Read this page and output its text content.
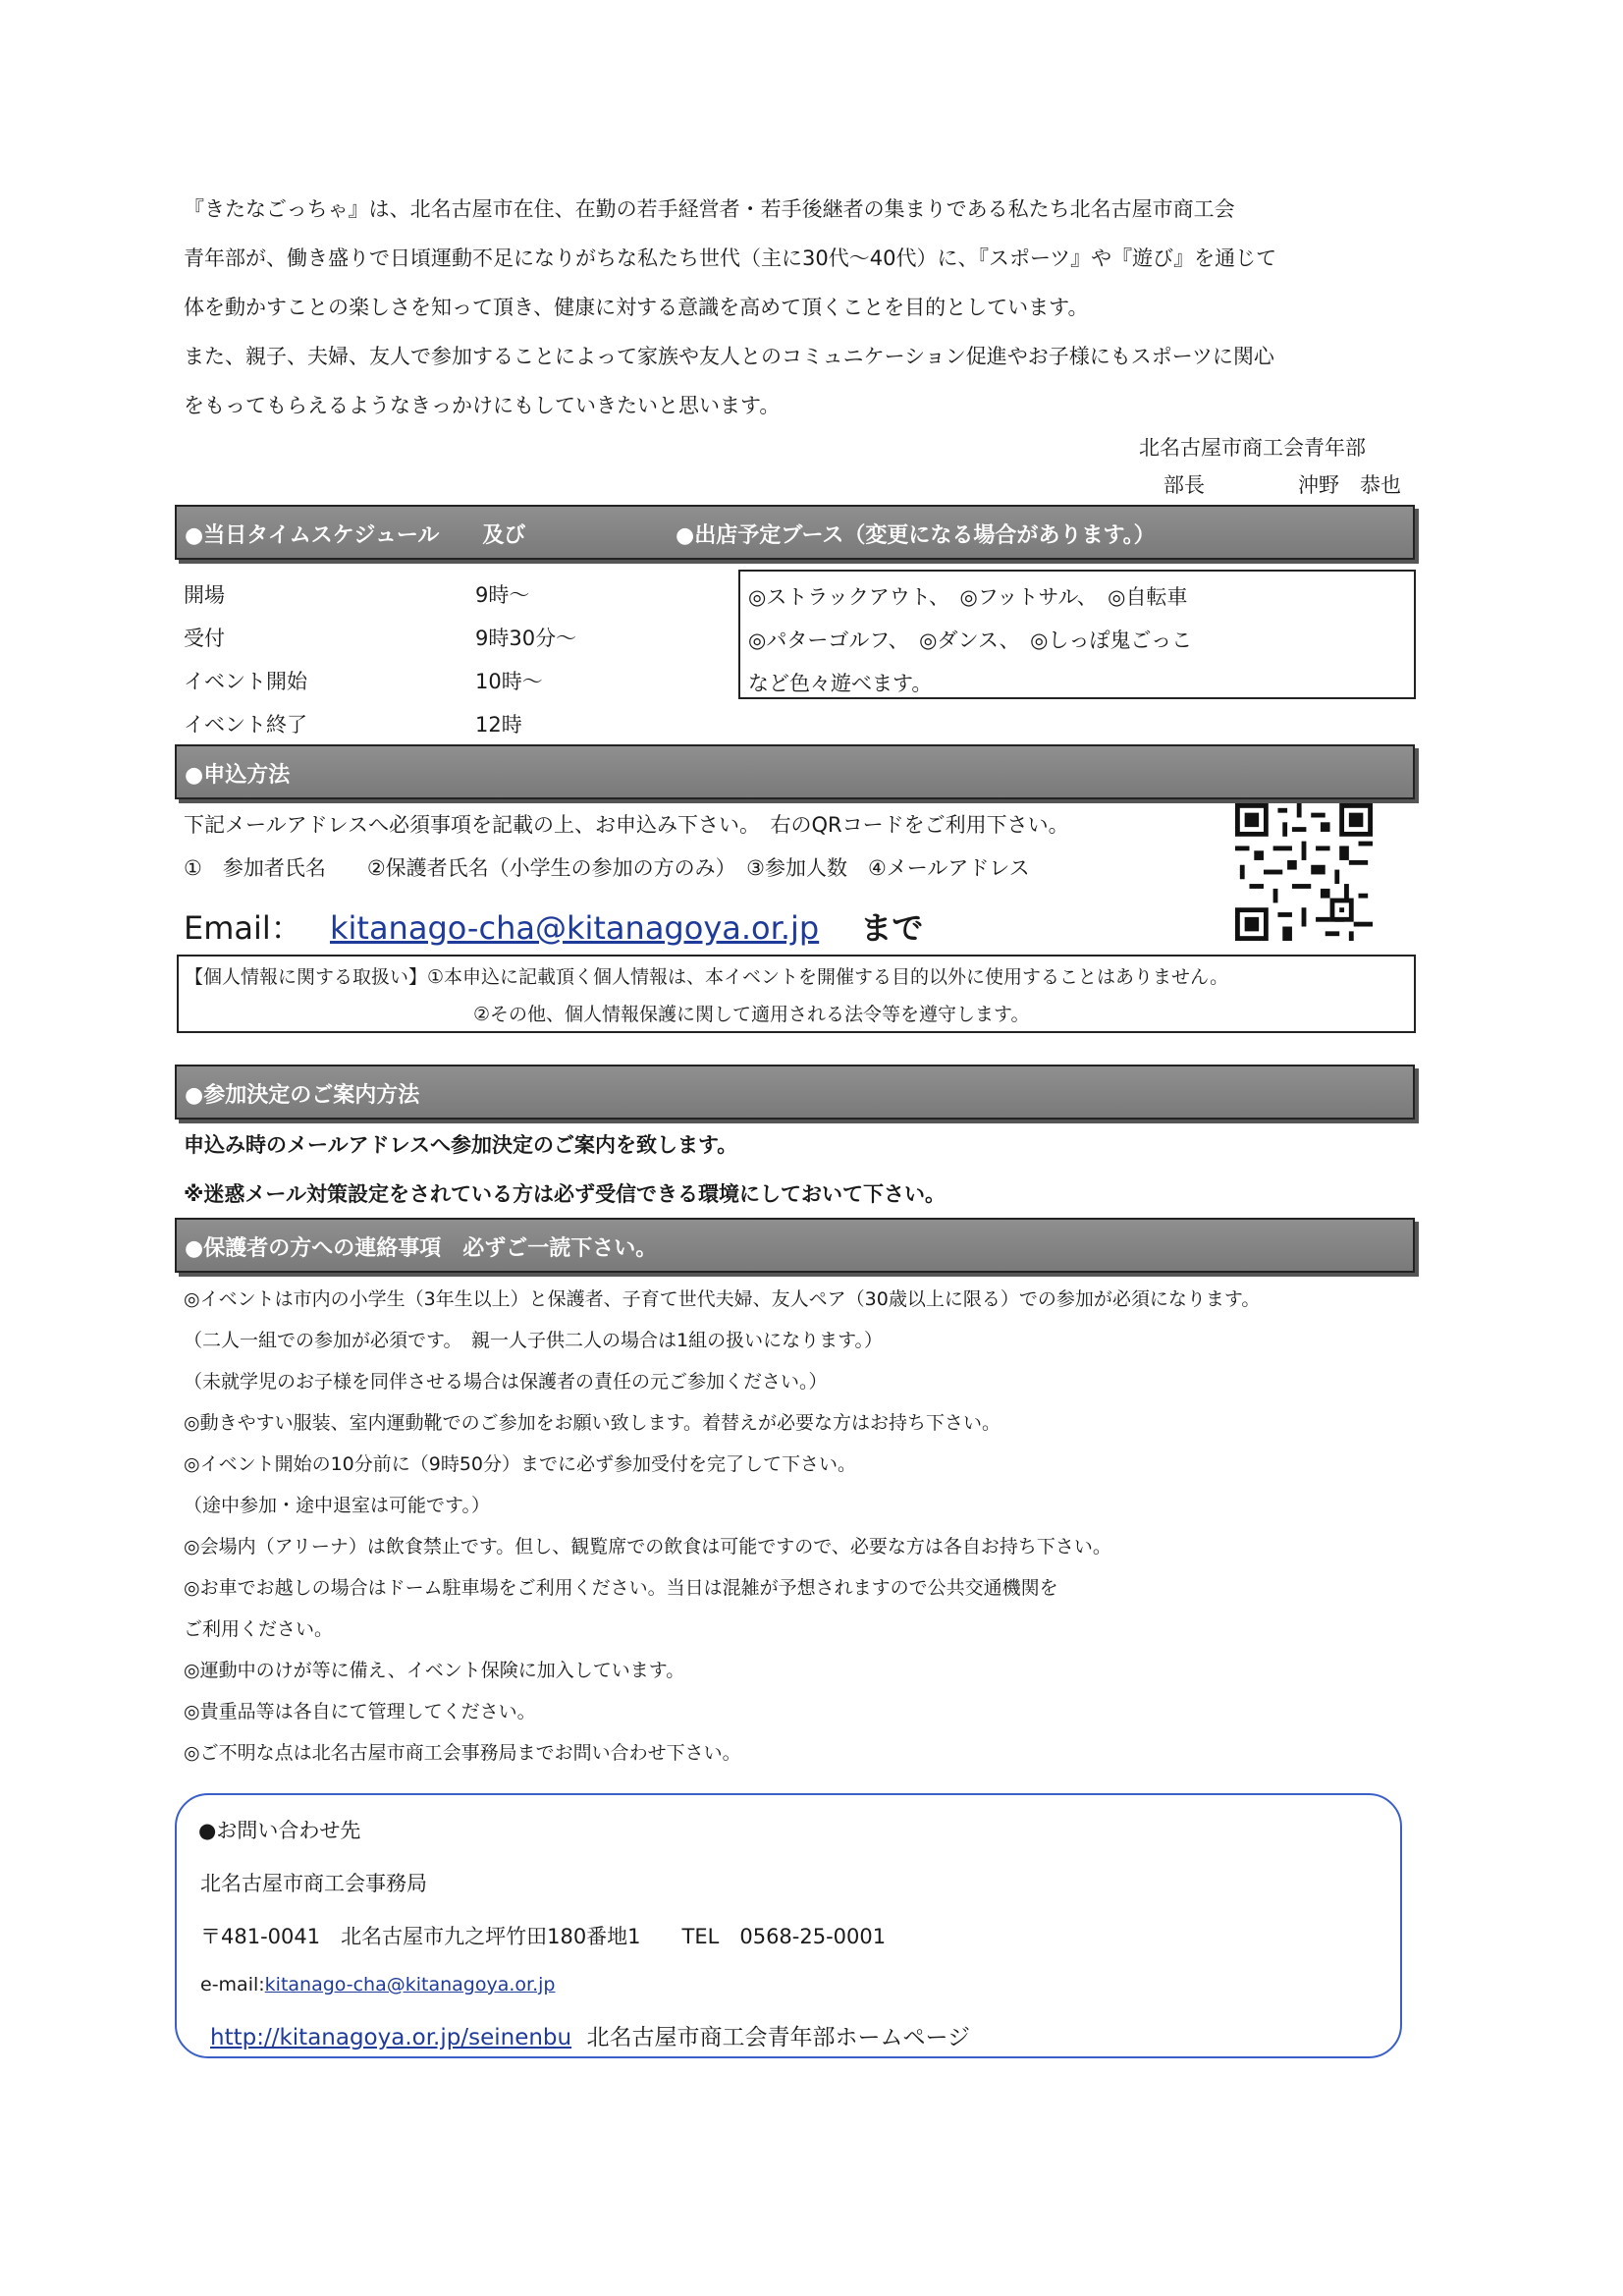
『きたなごっちゃ』は、北名古屋市在住、在勤の若手経営者・若手後継者の集まりである私たち北名古屋市商工会

青年部が、働き盛りで日頃運動不足になりがちな私たち世代（主に30代～40代）に、『スポーツ』や『遊び』を通じて

体を動かすことの楽しさを知って頂き、健康に対する意識を高めて頂くことを目的としています。

また、親子、夫婦、友人で参加することによって家族や友人とのコミュニケーション促進やお子様にもスポーツに関心

をもってもらえるようなきっかけにもしていきたいと思います。

北名古屋市商工会青年部
部長	沖野　恭也
●当日タイムスケジュール　　及び	●出店予定ブース（変更になる場合があります。）
開場	9時～
受付	9時30分～
イベント開始	10時～
イベント終了	12時
◎ストラックアウト、　◎フットサル、　◎自転車
◎パターゴルフ、　◎ダンス、　◎しっぽ鬼ごっこ
など色々遊べます。
●申込方法
下記メールアドレスへ必須事項を記載の上、お申込み下さい。　右のQRコードをご利用下さい。
①　参加者氏名　　②保護者氏名（小学生の参加の方のみ）　③参加人数　④メールアドレス
Email： kitanago-cha@kitanagoya.or.jp まで
【個人情報に関する取扱い】①本申込に記載頂く個人情報は、本イベントを開催する目的以外に使用することはありません。
②その他、個人情報保護に関して適用される法令等を遵守します。
●参加決定のご案内方法
申込み時のメールアドレスへ参加決定のご案内を致します。
※迷惑メール対策設定をされている方は必ず受信できる環境にしておいて下さい。
●保護者の方への連絡事項　必ずご一読下さい。
◎イベントは市内の小学生（3年生以上）と保護者、子育て世代夫婦、友人ペア（30歳以上に限る）での参加が必須になります。
（二人一組での参加が必須です。　親一人子供二人の場合は1組の扱いになります。）
（未就学児のお子様を同伴させる場合は保護者の責任の元ご参加ください。）
◎動きやすい服装、室内運動靴でのご参加をお願い致します。着替えが必要な方はお持ち下さい。
◎イベント開始の10分前に（9時50分）までに必ず参加受付を完了して下さい。
（途中参加・途中退室は可能です。）
◎会場内（アリーナ）は飲食禁止です。但し、観覧席での飲食は可能ですので、必要な方は各自お持ち下さい。
◎お車でお越しの場合はドーム駐車場をご利用ください。当日は混雑が予想されますので公共交通機関を
ご利用ください。
◎運動中のけが等に備え、イベント保険に加入しています。
◎貴重品等は各自にて管理してください。
◎ご不明な点は北名古屋市商工会事務局までお問い合わせ下さい。
●お問い合わせ先
北名古屋市商工会事務局
〒481-0041　北名古屋市九之坪竹田180番地1　　TEL　0568-25-0001
e-mail:kitanago-cha@kitanagoya.or.jp
http://kitanagoya.or.jp/seinenbu 北名古屋市商工会青年部ホームページ
